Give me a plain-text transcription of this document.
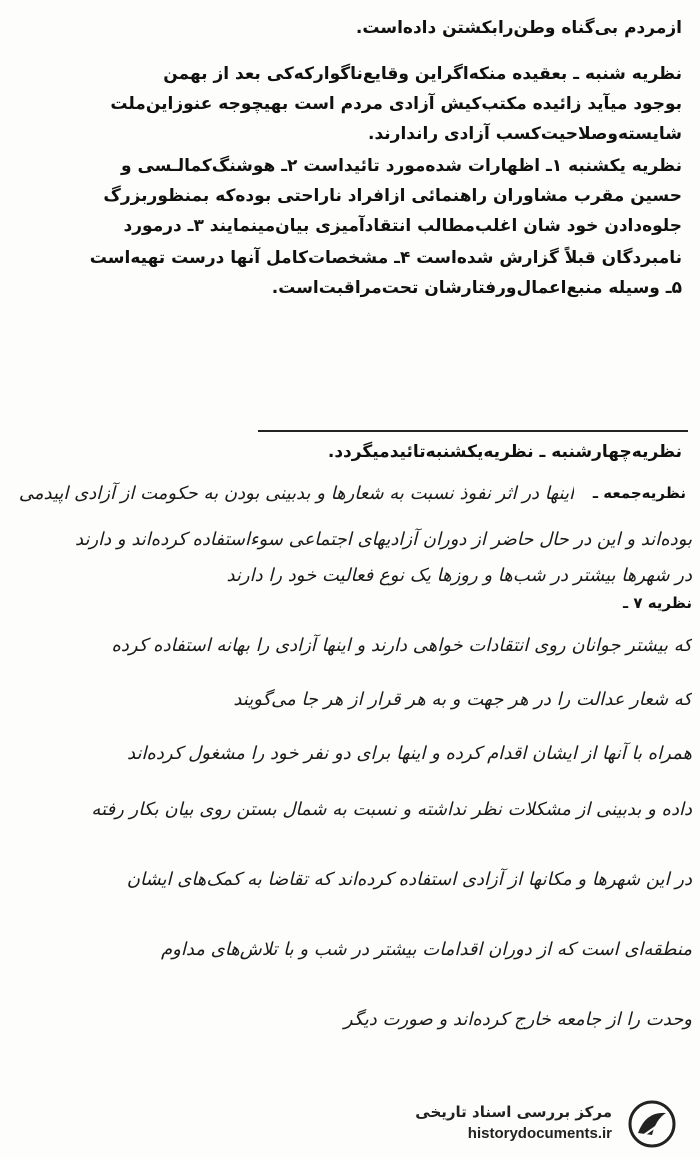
ازمردم بی‌گناه وطن‌رابکشتن داده‌است.
نظریه شنبه ـ بعقیده منکه‌اگراین وقایع‌ناگوارکه‌کی بعد از بهمن
بوجود میآید زائیده مکتب‌کیش آزادی مردم است بهیچوجه عنوزاین‌ملت
شایسته‌وصلاحیت‌کسب آزادی راندارند.
نظریه یکشنبه ۱ـ اظهارات شده‌مورد تائیداست ۲ـ هوشنگ‌کمالـسی و
حسین مقرب مشاوران راهنمائی ازافراد ناراحتی بوده‌که بمنظوربزرگ
جلوه‌دادن خود شان اغلب‌مطالب انتقادآمیزی بیان‌مینمایند ۳ـ درمورد
نامبردگان قبلاً گزارش شده‌است ۴ـ مشخصات‌کامل آنها درست تهیه‌است
۵ـ وسیله منبع‌اعمال‌ورفتارشان تحت‌مراقبت‌است.
نظریه‌چهارشنبه ـ نظریه‌یکشنبه‌تائیدمیگردد.
نظریه‌جمعه ـ
اینها در اثر نفوذ نسبت به شعارها و بدبینی بودن به حکومت از آزادی اپیدمی
بوده‌اند و این در حال حاضر از دوران آزادیهای اجتماعی سوءاستفاده کرده‌اند و دارند
در شهرها بیشتر در شب‌ها و روزها یک نوع فعالیت خود را دارند
نظریه ۷ ـ
که بیشتر جوانان روی انتقادات خواهی دارند و اینها آزادی را بهانه استفاده کرده
که شعار عدالت را در هر جهت و به هر قرار از هر جا می‌گویند
همراه با آنها از ایشان اقدام کرده و اینها برای دو نفر خود را مشغول کرده‌اند
داده و بدبینی از مشکلات نظر نداشته و نسبت به شمال بستن روی بیان بکار رفته
در این شهرها و مکانها از آزادی استفاده کرده‌اند که تقاضا به کمک‌های ایشان
منطقه‌ای است که از دوران اقدامات بیشتر در شب و با تلاش‌های مداوم
وحدت را از جامعه خارج کرده‌اند و صورت دیگر
مرکز بررسی اسناد تاریخی
historydocuments.ir
